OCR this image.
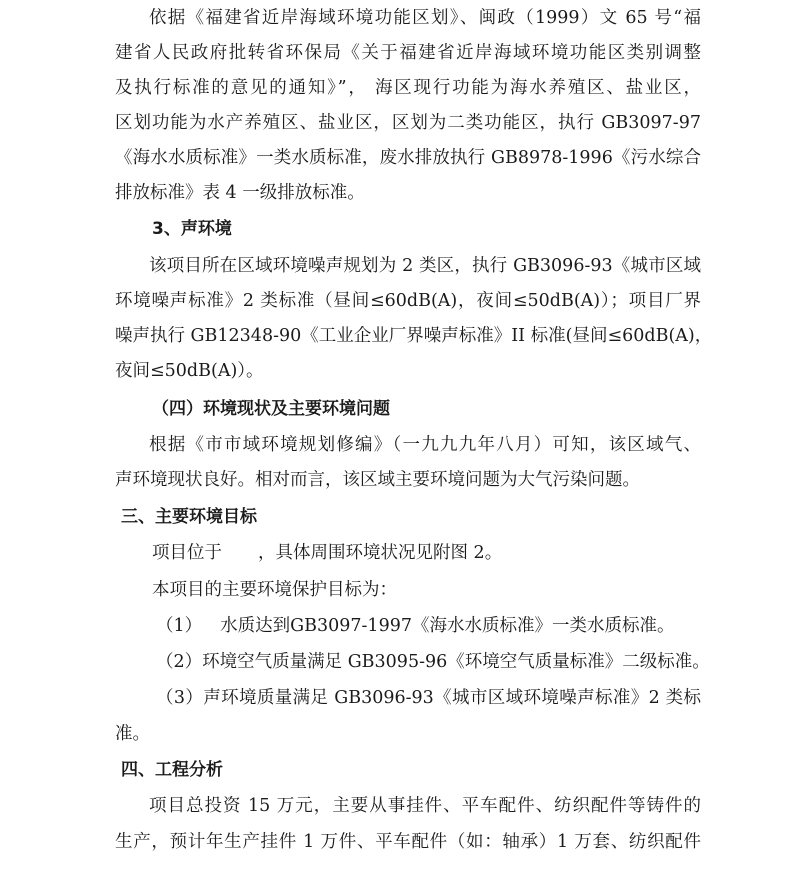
依据《福建省近岸海域环境功能区划》、闽政（1999）文 65 号“福
建省人民政府批转省环保局《关于福建省近岸海域环境功能区类别调整
及执行标准的意见的通知》”， 海区现行功能为海水养殖区、盐业区，
区划功能为水产养殖区、盐业区，区划为二类功能区，执行 GB3097-97
《海水水质标准》一类水质标准，废水排放执行 GB8978-1996《污水综合
排放标准》表 4 一级排放标准。
3、声环境
该项目所在区域环境噪声规划为 2 类区，执行 GB3096-93《城市区域
环境噪声标准》2 类标准（昼间≤60dB(A)，夜间≤50dB(A)）；项目厂界
噪声执行 GB12348-90《工业企业厂界噪声标准》II 标准(昼间≤60dB(A)，
夜间≤50dB(A)）。
（四）环境现状及主要环境问题
根据《市市域环境规划修编》（一九九九年八月）可知，该区域气、
声环境现状良好。相对而言，该区域主要环境问题为大气污染问题。
三、主要环境目标
项目位于 ，具体周围环境状况见附图 2。
本项目的主要环境保护目标为：
（1） 水质达到GB3097-1997《海水水质标准》一类水质标准。
（2）环境空气质量满足 GB3095-96《环境空气质量标准》二级标准。
（3）声环境质量满足 GB3096-93《城市区域环境噪声标准》2 类标
准。
四、工程分析
项目总投资 15 万元，主要从事挂件、平车配件、纺织配件等铸件的
生产，预计年生产挂件 1 万件、平车配件（如：轴承）1 万套、纺织配件
